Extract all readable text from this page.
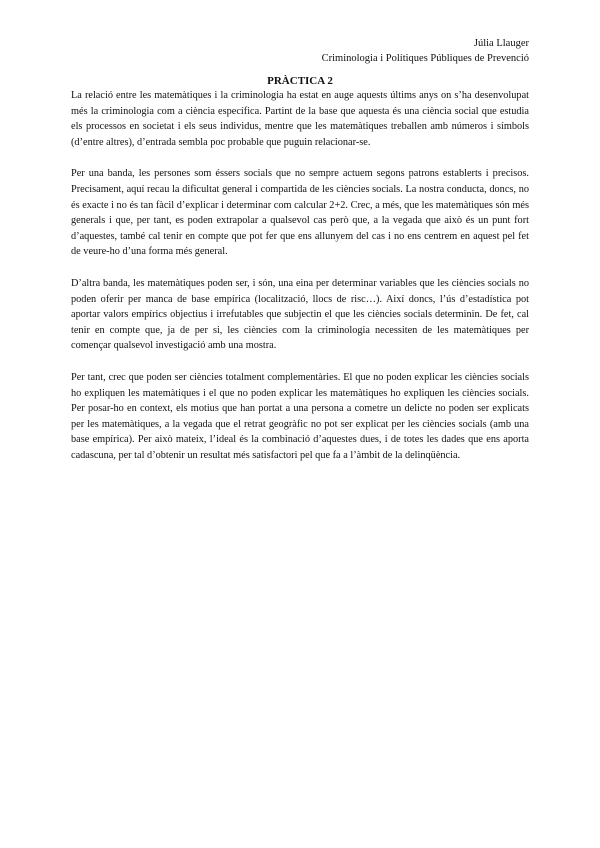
Júlia Llauger
Criminologia i Polítiques Públiques de Prevenció
PRÀCTICA 2

La relació entre les matemàtiques i la criminologia ha estat en auge aquests últims anys on s’ha desenvolupat més la criminologia com a ciència específica. Partint de la base que aquesta és una ciència social que estudia els processos en societat i els seus individus, mentre que les matemàtiques treballen amb números i símbols (d’entre altres), d’entrada sembla poc probable que puguin relacionar-se.

Per una banda, les persones som éssers socials que no sempre actuem segons patrons establerts i precisos. Precisament, aquí recau la dificultat general i compartida de les ciències socials. La nostra conducta, doncs, no és exacte i no és tan fàcil d’explicar i determinar com calcular 2+2. Crec, a més, que les matemàtiques són més generals i que, per tant, es poden extrapolar a qualsevol cas però que, a la vegada que això és un punt fort d’aquestes, també cal tenir en compte que pot fer que ens allunyem del cas i no ens centrem en aquest pel fet de veure-ho d’una forma més general.

D’altra banda, les matemàtiques poden ser, i són, una eina per determinar variables que les ciències socials no poden oferir per manca de base empírica (localització, llocs de risc…). Així doncs, l’ús d’estadística pot aportar valors empírics objectius i irrefutables que subjectin el que les ciències socials determinin. De fet, cal tenir en compte que, ja de per si, les ciències com la criminologia necessiten de les matemàtiques per començar qualsevol investigació amb una mostra.

Per tant, crec que poden ser ciències totalment complementàries. El que no poden explicar les ciències socials ho expliquen les matemàtiques i el que no poden explicar les matemàtiques ho expliquen les ciències socials. Per posar-ho en context, els motius que han portat a una persona a cometre un delicte no poden ser explicats per les matemàtiques, a la vegada que el retrat geogràfic no pot ser explicat per les ciències socials (amb una base empírica). Per això mateix, l’ideal és la combinació d’aquestes dues, i de totes les dades que ens aporta cadascuna, per tal d’obtenir un resultat més satisfactori pel que fa a l’àmbit de la delinqüència.
